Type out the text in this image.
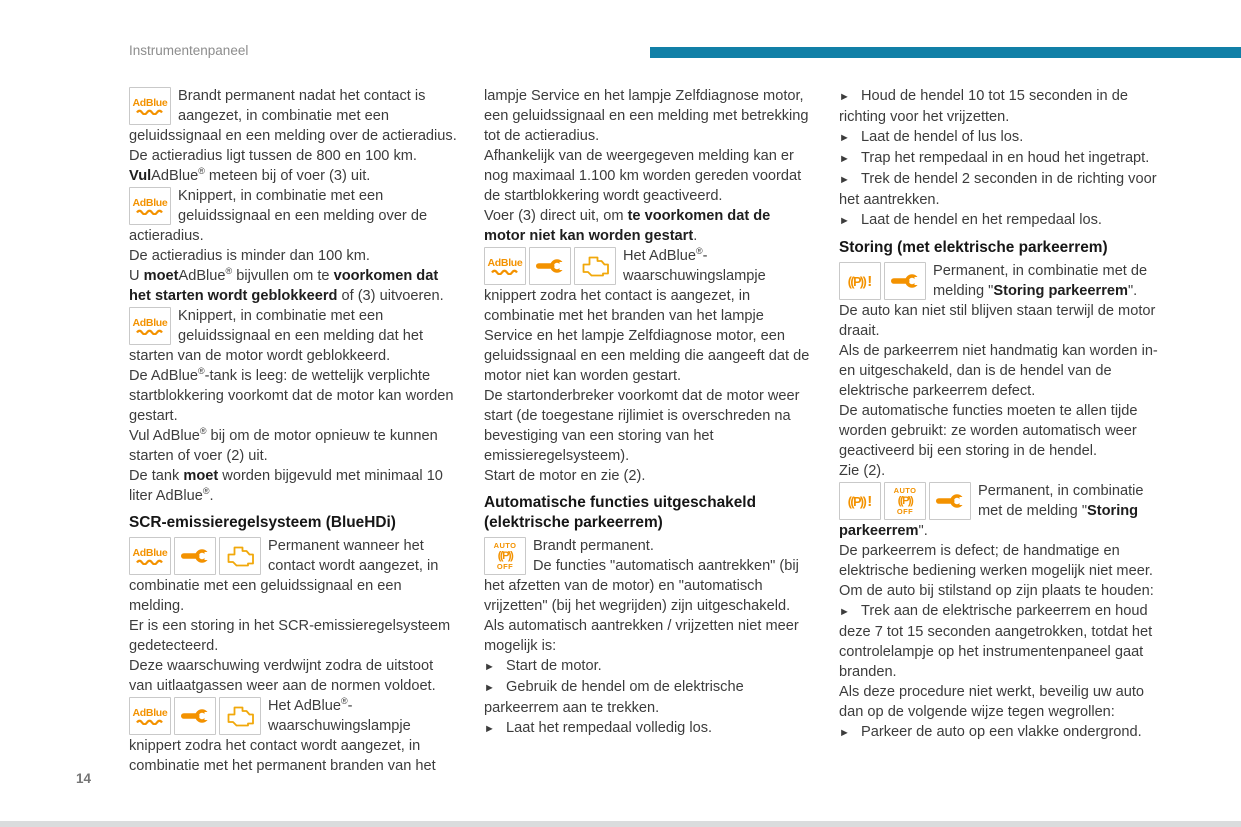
Instrumentenpaneel

AdBlue Brandt permanent nadat het contact is aangezet, in combinatie met een geluidssignaal en een melding over de actieradius.

De actieradius ligt tussen de 800 en 100 km.

VulAdBlue® meteen bij of voer (3) uit.

AdBlue Knippert, in combinatie met een geluidssignaal en een melding over de actieradius.

De actieradius is minder dan 100 km.

U moetAdBlue® bijvullen om te voorkomen dat het starten wordt geblokkeerd of (3) uitvoeren.

AdBlue Knippert, in combinatie met een geluidssignaal en een melding dat het starten van de motor wordt geblokkeerd.

De AdBlue®-tank is leeg: de wettelijk verplichte startblokkering voorkomt dat de motor kan worden gestart.

Vul AdBlue® bij om de motor opnieuw te kunnen starten of voer (2) uit.

De tank moet worden bijgevuld met minimaal 10 liter AdBlue®.

SCR-emissieregelsysteem (BlueHDi)

AdBlue	Permanent wanneer het contact wordt aangezet, in combinatie met een geluidssignaal en een melding.

Er is een storing in het SCR-emissieregelsysteem gedetecteerd.

Deze waarschuwing verdwijnt zodra de uitstoot van uitlaatgassen weer aan de normen voldoet.

AdBlue	Het AdBlue®-waarschuwingslampje knippert zodra het contact wordt aangezet, in combinatie met het permanent branden van het

lampje Service en het lampje Zelfdiagnose motor, een geluidssignaal en een melding met betrekking tot de actieradius.

Afhankelijk van de weergegeven melding kan er nog maximaal 1.100 km worden gereden voordat de startblokkering wordt geactiveerd.

Voer (3) direct uit, om te voorkomen dat de motor niet kan worden gestart.

AdBlue	Het AdBlue®-waarschuwingslampje knippert zodra het contact is aangezet, in combinatie met het branden van het lampje Service en het lampje Zelfdiagnose motor, een geluidssignaal en een melding die aangeeft dat de motor niet kan worden gestart.

De startonderbreker voorkomt dat de motor weer start (de toegestane rijlimiet is overschreden na bevestiging van een storing van het emissieregelsysteem).

Start de motor en zie (2).

Automatische functies uitgeschakeld (elektrische parkeerrem)

AUTO
((P))
OFF
Brandt permanent.

De functies "automatisch aantrekken" (bij het afzetten van de motor) en "automatisch vrijzetten" (bij het wegrijden) zijn uitgeschakeld.

Als automatisch aantrekken / vrijzetten niet meer mogelijk is:

► Start de motor.

► Gebruik de hendel om de elektrische parkeerrem aan te trekken.

► Laat het rempedaal volledig los.

► Houd de hendel 10 tot 15 seconden in de richting voor het vrijzetten.

► Laat de hendel of lus los.

► Trap het rempedaal in en houd het ingetrapt.

► Trek de hendel 2 seconden in de richting voor het aantrekken.

► Laat de hendel en het rempedaal los.

Storing (met elektrische parkeerrem)

((P)) !
Permanent, in combinatie met de melding "Storing parkeerrem".

De auto kan niet stil blijven staan terwijl de motor draait.

Als de parkeerrem niet handmatig kan worden in- en uitgeschakeld, dan is de hendel van de elektrische parkeerrem defect.

De automatische functies moeten te allen tijde worden gebruikt: ze worden automatisch weer geactiveerd bij een storing in de hendel.

Zie (2).

((P)) !
AUTO
((P))
OFF
Permanent, in combinatie met de melding "Storing parkeerrem".

De parkeerrem is defect; de handmatige en elektrische bediening werken mogelijk niet meer.

Om de auto bij stilstand op zijn plaats te houden:

► Trek aan de elektrische parkeerrem en houd deze 7 tot 15 seconden aangetrokken, totdat het controlelampje op het instrumentenpaneel gaat branden.

Als deze procedure niet werkt, beveilig uw auto dan op de volgende wijze tegen wegrollen:

► Parkeer de auto op een vlakke ondergrond.

14
